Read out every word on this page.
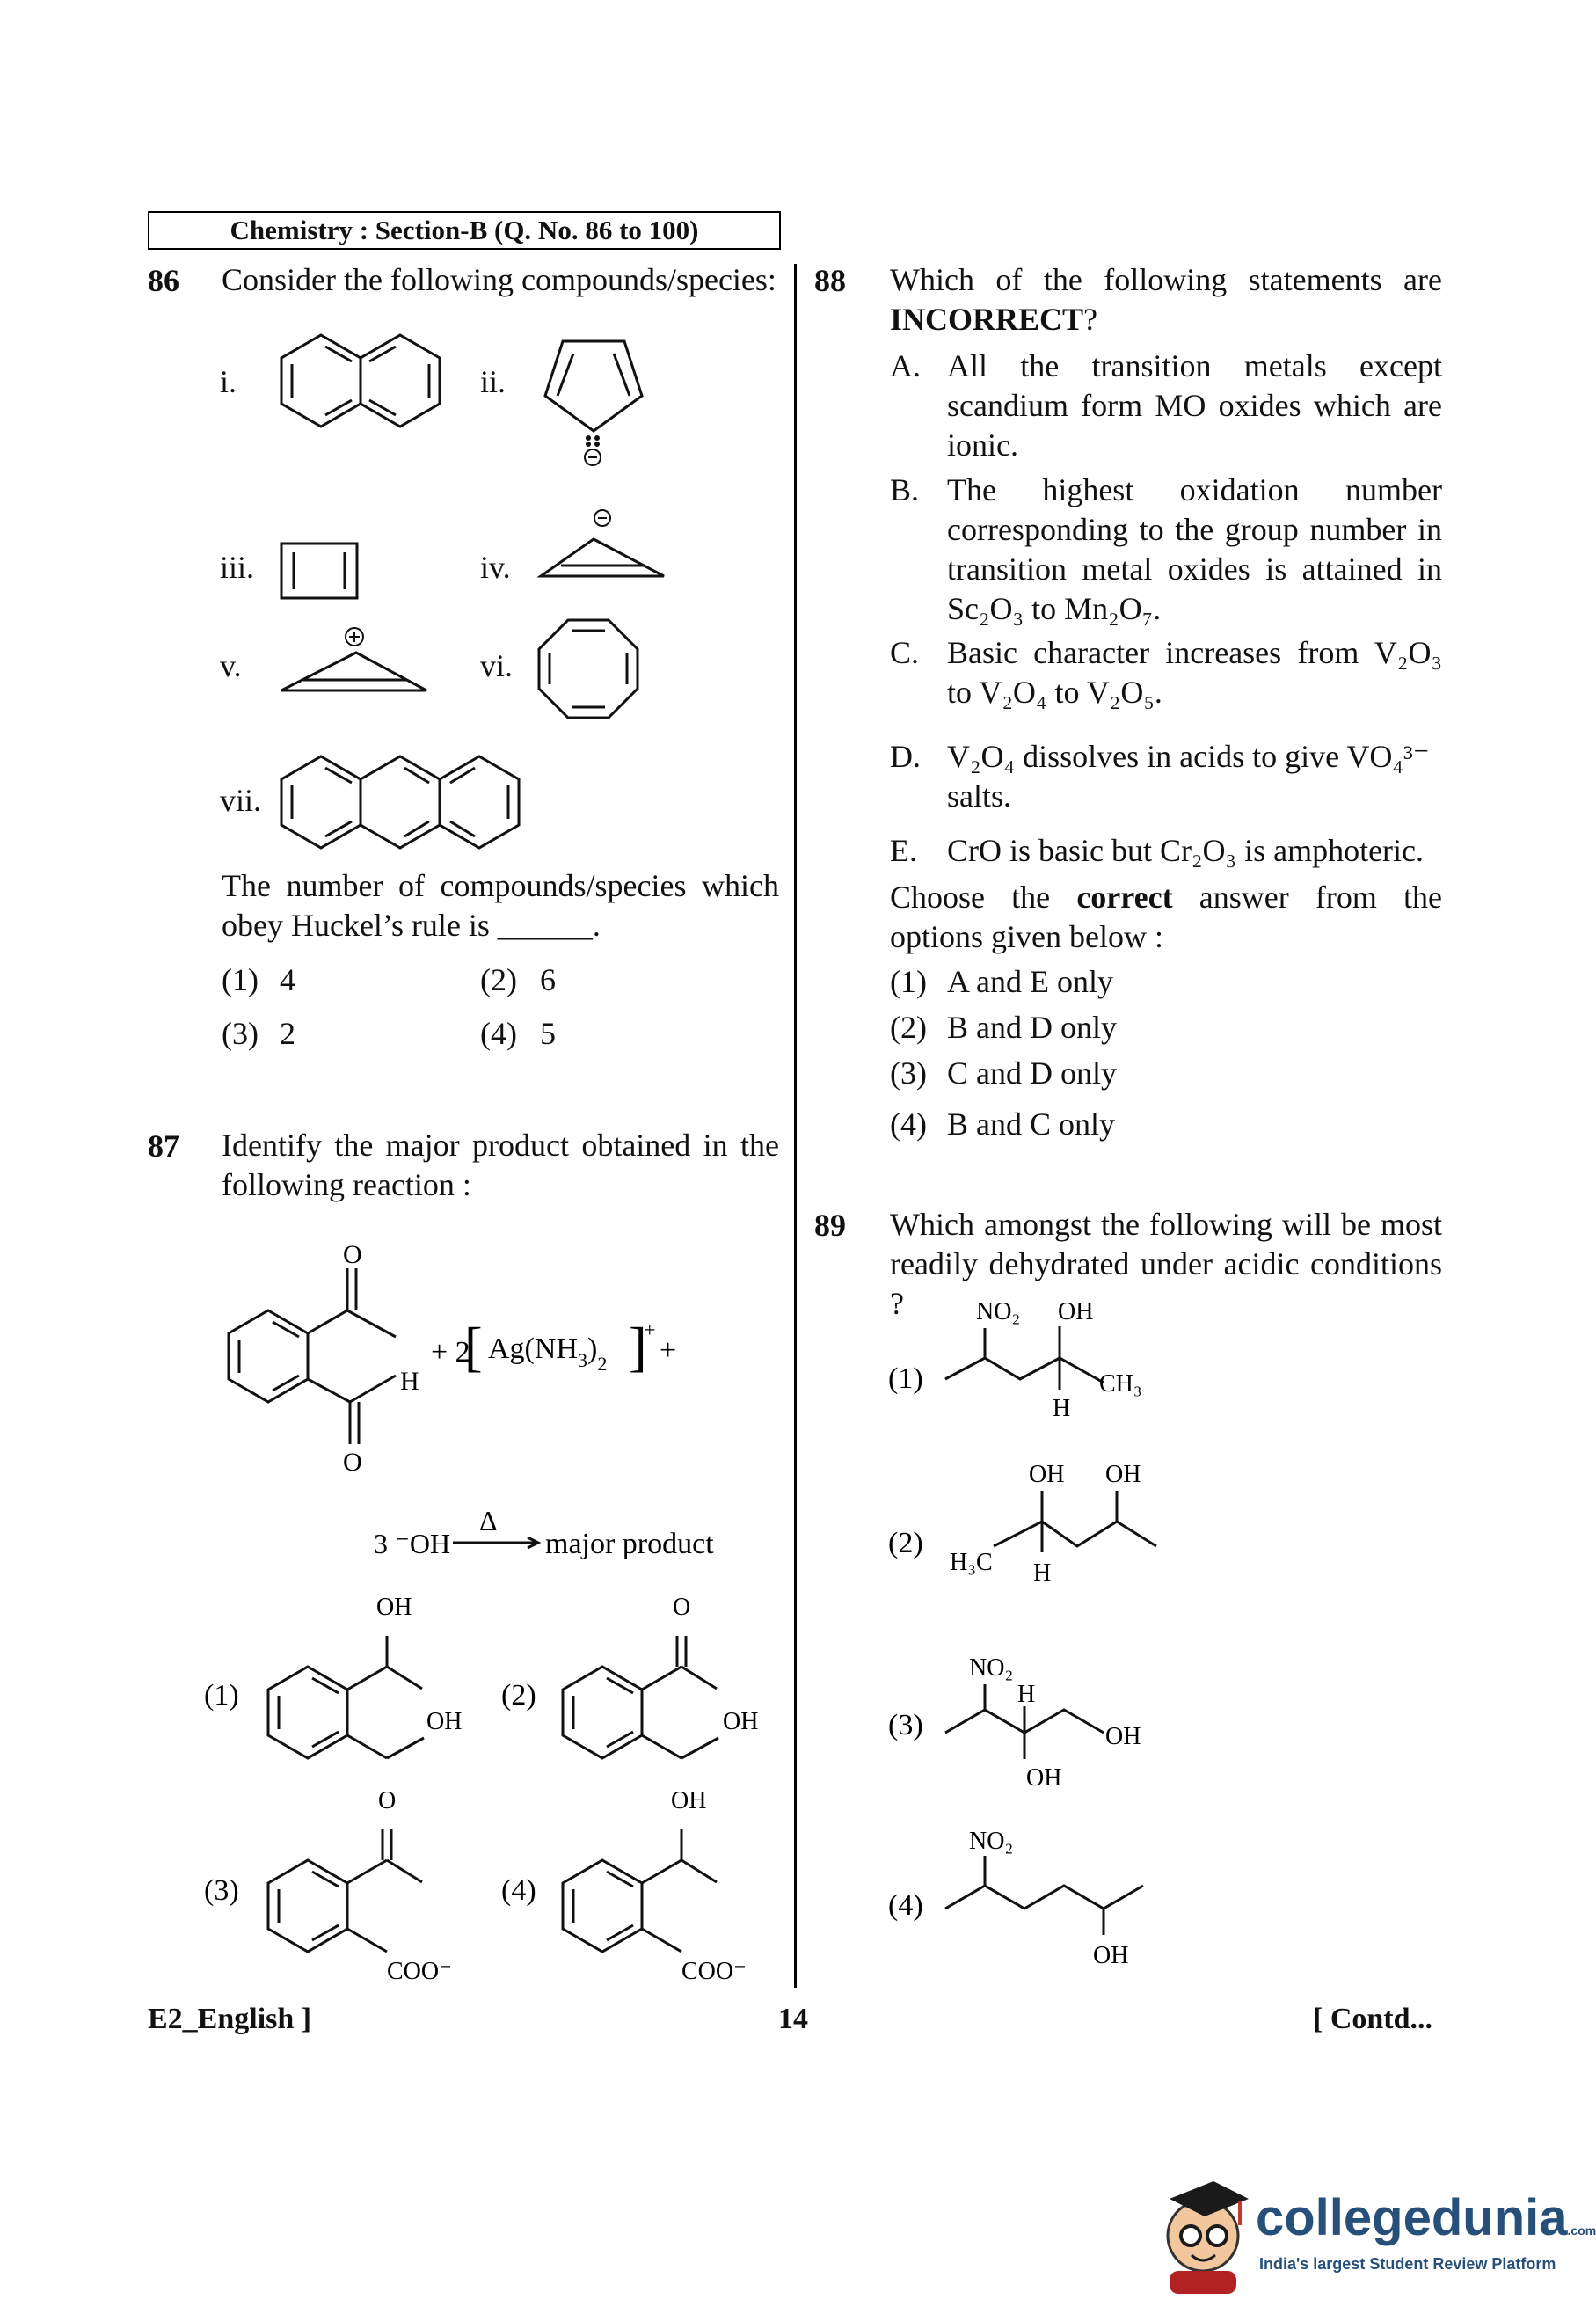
Chemistry : Section-B (Q. No. 86 to 100)
86 Consider the following compounds/species:
i.	ii.
iii.	iv.
v.	vi.
vii.
The number of compounds/species which obey Huckel’s rule is ______.
(1) 4	(2) 6
(3) 2	(4) 5
87 Identify the major product obtained in the following reaction :
O
H
O
+ 2
[ $Ag(NH_3)_2$ ]
+
+
3 ⁻OH
Δ
major product
(1)
OH
OH
(2)
O
OH
(3)
O
COO⁻
(4)
OH
COO⁻
88 Which of the following statements are INCORRECT?
A. All the transition metals except scandium form MO oxides which are ionic.
B. The highest oxidation number corresponding to the group number in transition metal oxides is attained in Sc₂O₃ to Mn₂O₇.
C. Basic character increases from V₂O₃ to V₂O₄ to V₂O₅.
D. V₂O₄ dissolves in acids to give VO₄³⁻ salts.
E. CrO is basic but Cr₂O₃ is amphoteric.
Choose the correct answer from the options given below :
(1) A and E only
(2) B and D only
(3) C and D only
(4) B and C only
89 Which amongst the following will be most readily dehydrated under acidic conditions ?
(1)
NO₂ OH
CH₃
H
(2)
OH OH
H₃C H
(3)
NO₂
H
OH
OH
(4)
NO₂
OH
E2_English ]	14	[ Contd...
collegedunia.com
India's largest Student Review Platform
